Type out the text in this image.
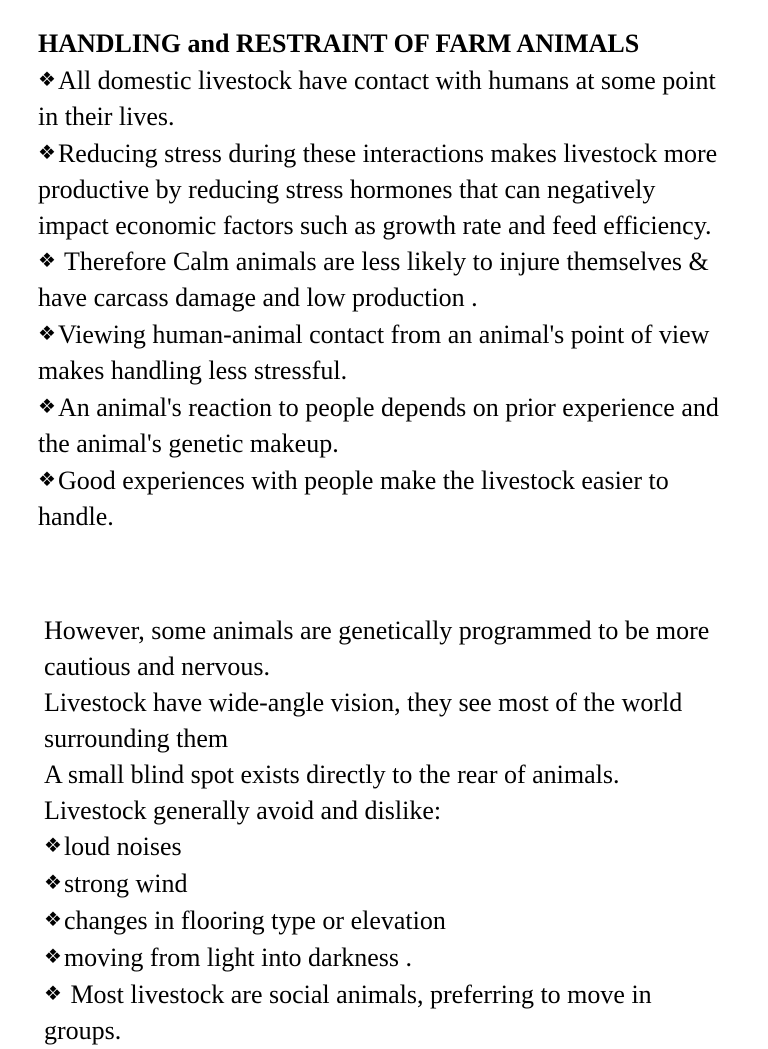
HANDLING and RESTRAINT OF FARM ANIMALS
❖All domestic livestock have contact with humans at some point in their lives.
❖Reducing stress during these interactions makes livestock more productive by reducing stress hormones that can negatively impact economic factors such as growth rate and feed efficiency.
❖ Therefore Calm animals are less likely to injure themselves & have carcass damage and low production .
❖Viewing human-animal contact from an animal's point of view makes handling less stressful.
❖An animal's reaction to people depends on prior experience and the animal's genetic makeup.
❖Good experiences with people make the livestock easier to handle.
However, some animals are genetically programmed to be more cautious and nervous.
Livestock have wide-angle vision, they see most of the world surrounding them
A small blind spot exists directly to the rear of animals.
Livestock generally avoid and dislike:
❖loud noises
❖strong wind
❖changes in flooring type or elevation
❖moving from light into darkness .
❖ Most livestock are social animals, preferring to move in groups.
